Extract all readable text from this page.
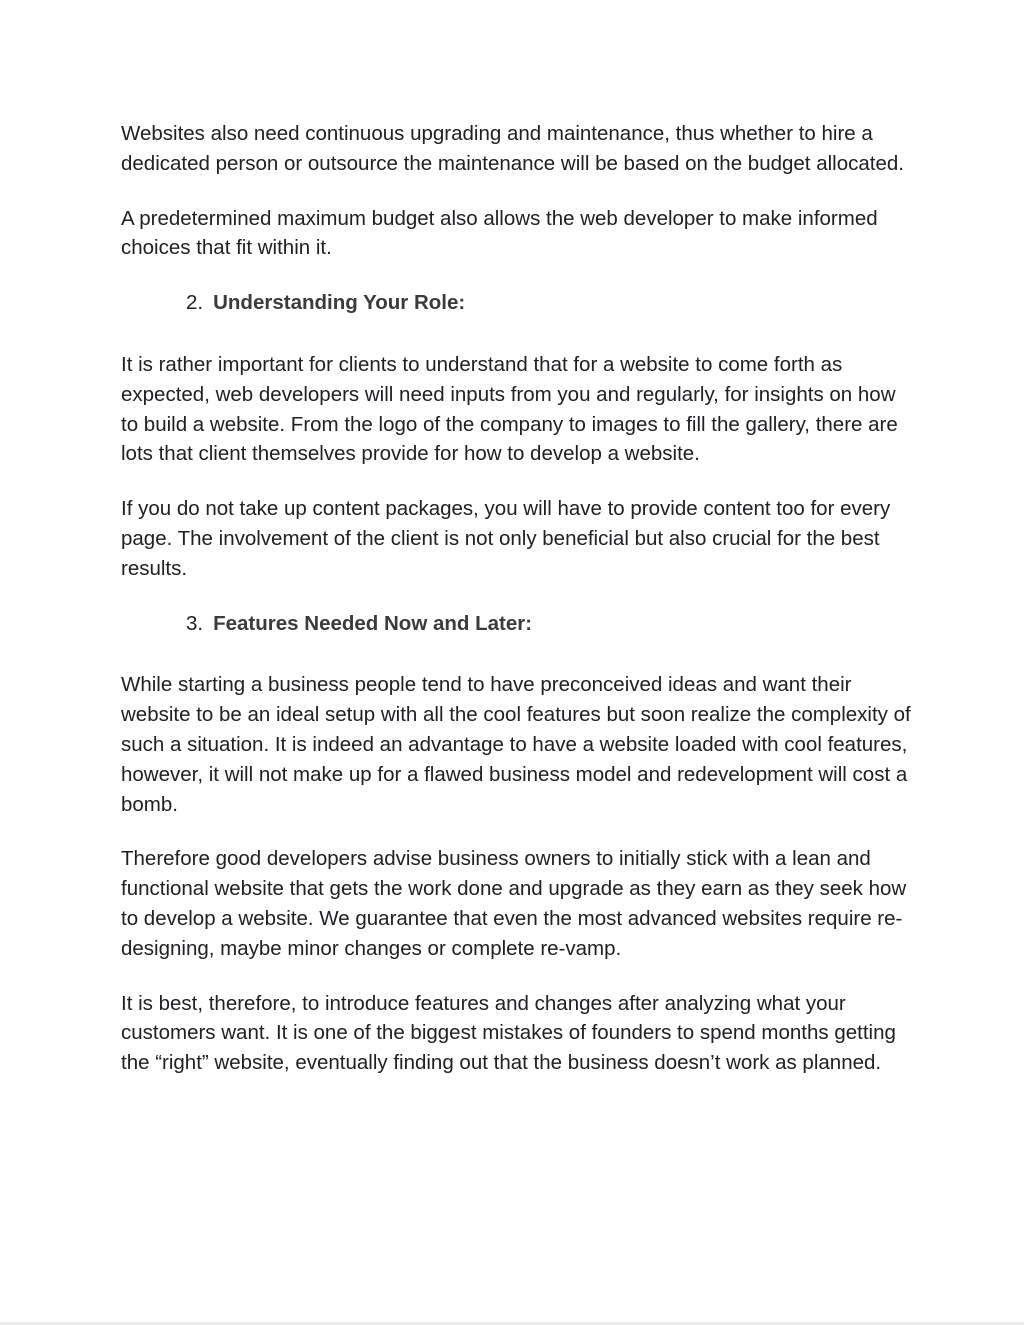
Websites also need continuous upgrading and maintenance, thus whether to hire a dedicated person or outsource the maintenance will be based on the budget allocated.

A predetermined maximum budget also allows the web developer to make informed choices that fit within it.

2. Understanding Your Role:

It is rather important for clients to understand that for a website to come forth as expected, web developers will need inputs from you and regularly, for insights on how to build a website. From the logo of the company to images to fill the gallery, there are lots that client themselves provide for how to develop a website.

If you do not take up content packages, you will have to provide content too for every page. The involvement of the client is not only beneficial but also crucial for the best results.

3. Features Needed Now and Later:

While starting a business people tend to have preconceived ideas and want their website to be an ideal setup with all the cool features but soon realize the complexity of such a situation. It is indeed an advantage to have a website loaded with cool features, however, it will not make up for a flawed business model and redevelopment will cost a bomb.

Therefore good developers advise business owners to initially stick with a lean and functional website that gets the work done and upgrade as they earn as they seek how to develop a website. We guarantee that even the most advanced websites require re-designing, maybe minor changes or complete re-vamp.

It is best, therefore, to introduce features and changes after analyzing what your customers want. It is one of the biggest mistakes of founders to spend months getting the “right” website, eventually finding out that the business doesn’t work as planned.
